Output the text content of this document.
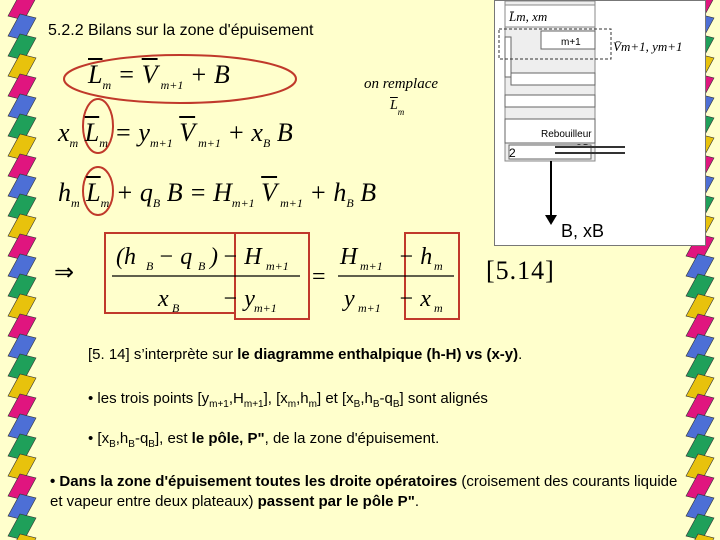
5.2.2 Bilans sur la zone d'épuisement
$\overline{L}_m = \overline{V}$ $_{m+1}$ + B	on remplace
$\overline{L}_m$
$x_m$ $\overline{L}_m = y_{m+1}$ $\overline{V}$ $_{m+1} + x_B$ B
$h_m$ $\overline{L}_m + q_B$ $B = H_{m+1}$ $\overline{V}$ $_{m+1} + h_B$ B
⇒
(h B − q B ) − H m+1
x B − y m+1
=
H m+1 − h m
y m+1 − x m
[5.14]
L̄m, xm
m+1
Rebouilleur
2
V̄m+1, ym+1
B, xB
[5. 14] s’interprète sur le diagramme enthalpique (h-H) vs (x-y).
• les trois points $[y_{m+1},H_{m+1}]$, $[x_m,h_m]$ et $[x_B,h_B-q_B]$ sont alignés
• $[x_B,h_B-q_B]$, est le pôle, P", de la zone d'épuisement.
• Dans la zone d'épuisement toutes les droite opératoires (croisement des courants liquide et vapeur entre deux plateaux) passent par le pôle P".
